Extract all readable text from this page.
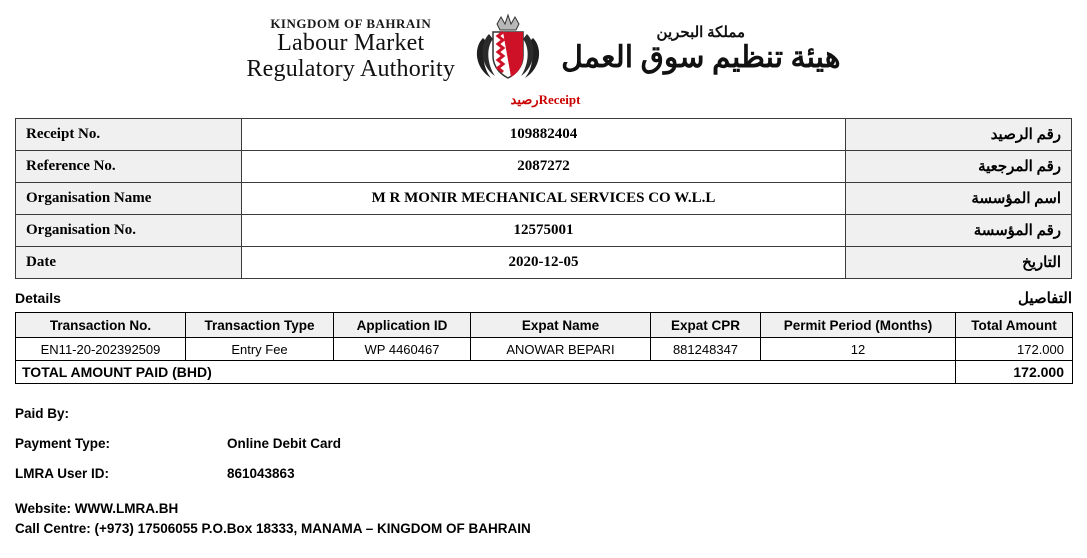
KINGDOM OF BAHRAIN
Labour Market
Regulatory Authority
مملكة البحرين
هيئة تنظيم سوق العمل
رصيدReceipt
Receipt No.	109882404	رقم الرصيد
Reference No.	2087272	رقم المرجعية
Organisation Name	M R MONIR MECHANICAL SERVICES CO W.L.L	اسم المؤسسة
Organisation No.	12575001	رقم المؤسسة
Date	2020-12-05	التاريخ
Details	التفاصيل
Transaction No.	Transaction Type	Application ID	Expat Name	Expat CPR	Permit Period (Months)	Total Amount
EN11-20-202392509	Entry Fee	WP 4460467	ANOWAR BEPARI	881248347	12	172.000
TOTAL AMOUNT PAID (BHD)						172.000
Paid By:
Payment Type:	Online Debit Card
LMRA User ID:	861043863
Website: WWW.LMRA.BH
Call Centre: (+973) 17506055 P.O.Box 18333, MANAMA – KINGDOM OF BAHRAIN
